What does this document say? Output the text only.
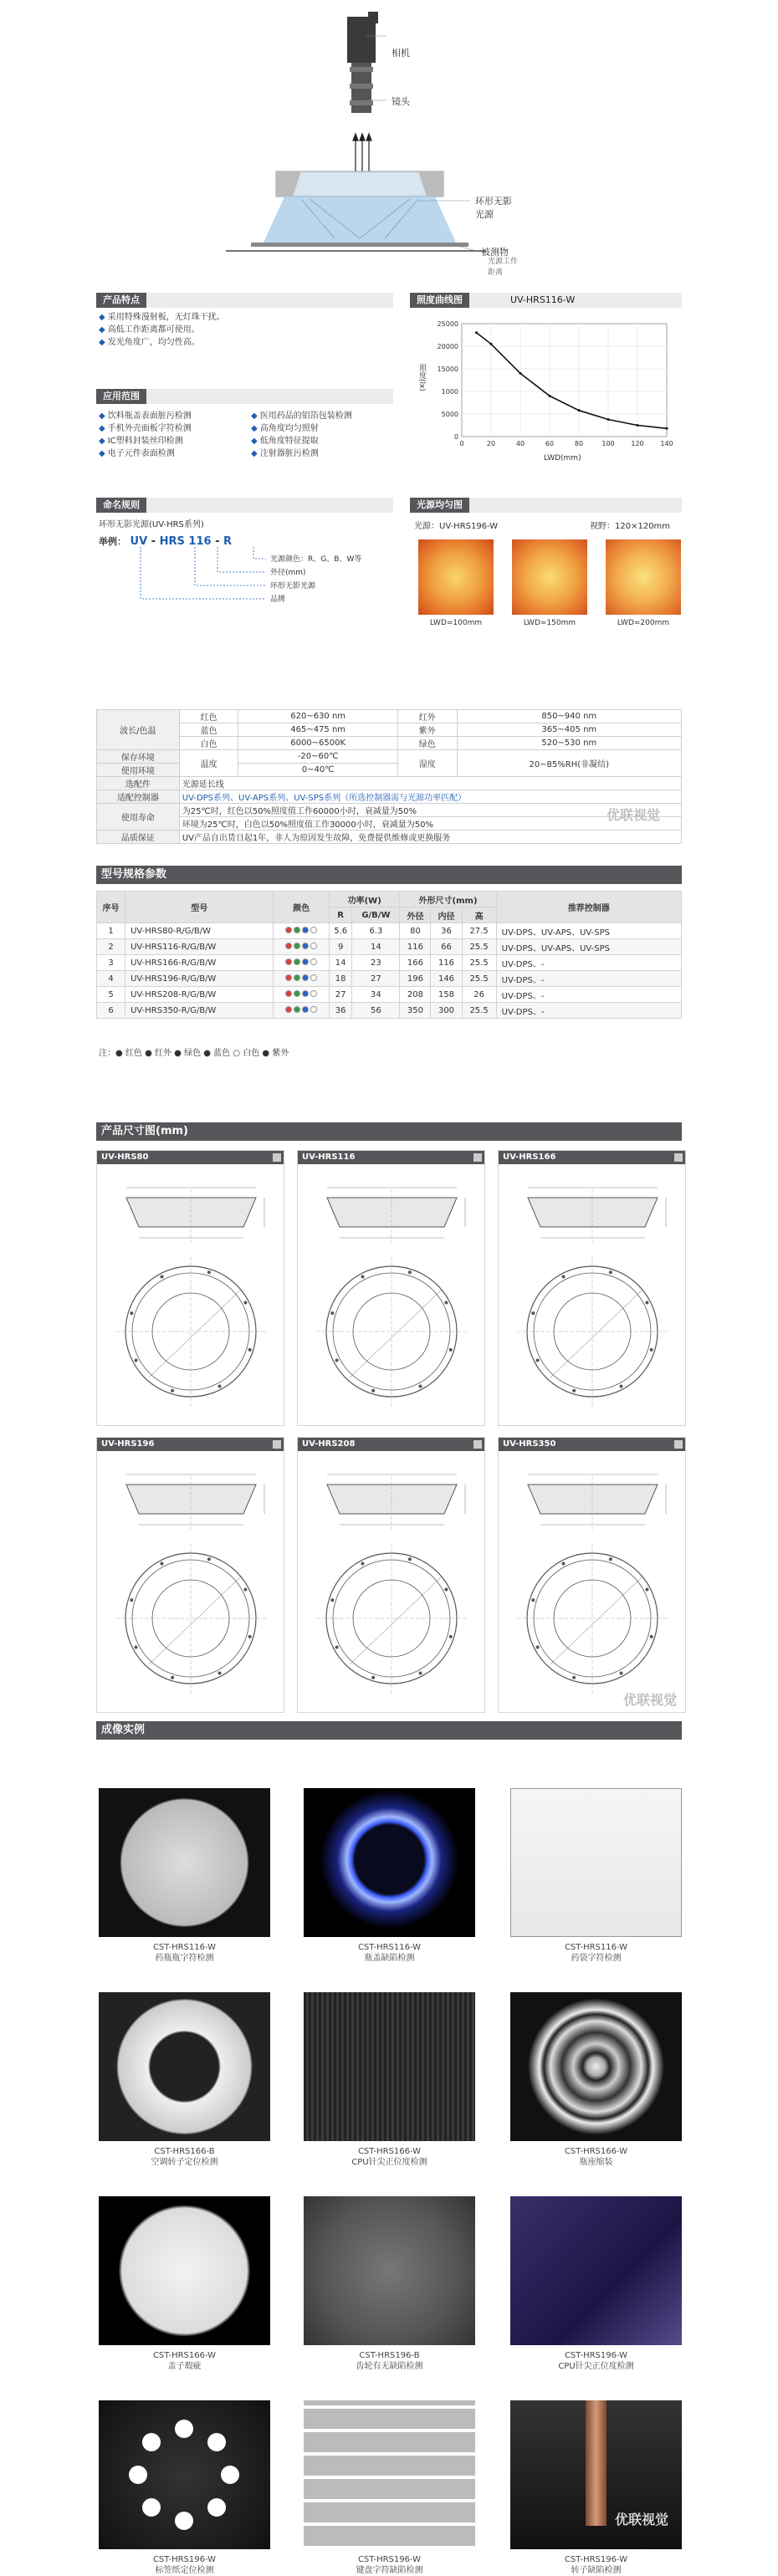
相机
镜头
环形无影光源
被测物
光源工作距离
产品特点
◆ 采用特殊漫射板，无灯珠干扰。
◆ 高低工作距离都可使用。
◆ 发光角度广，均匀性高。
照度曲线图	UV-HRS116-W
0
5000
1000
15000
20000
25000
0	20	40	60	80	100 120 140
照度(lx)
LWD(mm)
应用范围
◆ 饮料瓶盖表面脏污检测
◆ 手机外壳面板字符检测
◆ IC塑料封装丝印检测
◆ 电子元件表面检测
◆ 医用药品的铝箔包装检测
◆ 高角度均匀照射
◆ 低角度特征提取
◆ 注射器脏污检测
命名规则
环形无影光源(UV-HRS系列)
举例： UV - HRS 116 - R
光源颜色：R、G、B、W等
外径(mm)
环形无影光源
品牌
光源均匀图
光源：UV-HRS196-W	视野：120×120mm
LWD=100mm	LWD=150mm	LWD=200mm
波长/色温	红色	620~630 nm	红外	850~940 nm
	蓝色	465~475 nm	紫外	365~405 nm
	白色	6000~6500K	绿色	520~530 nm
保存环境	温度	-20~60℃	湿度	20~85%RH(非凝结)
使用环境		0~40℃		
选配件	光源延长线			
适配控制器	UV-DPS系列、UV-APS系列、UV-SPS系列（所选控制器需与光源功率匹配）			
使用寿命	为25℃时，红色以50%照度值工作60000小时，衰减量为50%			
	环境为25℃时，白色以50%照度值工作30000小时，衰减量为50%			
品质保证	UV产品自出货日起1年，非人为原因发生故障，免费提供维修或更换服务			
优联视觉
型号规格参数
序号	型号	颜色	功率(W)		外形尺寸(mm)			推荐控制器
			R	G/B/W	外径	内径	高	
1	UV-HRS80-R/G/B/W		5.6	6.3	80	36	27.5	UV-DPS、UV-APS、UV-SPS
2	UV-HRS116-R/G/B/W		9	14	116	66	25.5	UV-DPS、UV-APS、UV-SPS
3	UV-HRS166-R/G/B/W		14	23	166	116	25.5	UV-DPS、-
4	UV-HRS196-R/G/B/W		18	27	196	146	25.5	UV-DPS、-
5	UV-HRS208-R/G/B/W		27	34	208	158	26	UV-DPS、-
6	UV-HRS350-R/G/B/W		36	56	350	300	25.5	UV-DPS、-
注：● 红色 ● 红外 ● 绿色 ● 蓝色 ○ 白色 ● 紫外
产品尺寸图(mm)
UV-HRS80	UV-HRS116	UV-HRS166
UV-HRS196	UV-HRS208	UV-HRS350
优联视觉
成像实例
CST-HRS116-W
药瓶瓶字符检测
CST-HRS116-W
瓶盖缺陷检测
CST-HRS116-W
药袋字符检测
CST-HRS166-B
空调转子定位检测
CST-HRS166-W
CPU针尖正位度检测
CST-HRS166-W
瓶座缩装
CST-HRS166-W
盖子瑕疵
CST-HRS196-B
齿轮有无缺陷检测
CST-HRS196-W
CPU针尖正位度检测
CST-HRS196-W
标签纸定位检测
CST-HRS196-W
键盘字符缺陷检测
CST-HRS196-W
转子缺陷检测
优联视觉
